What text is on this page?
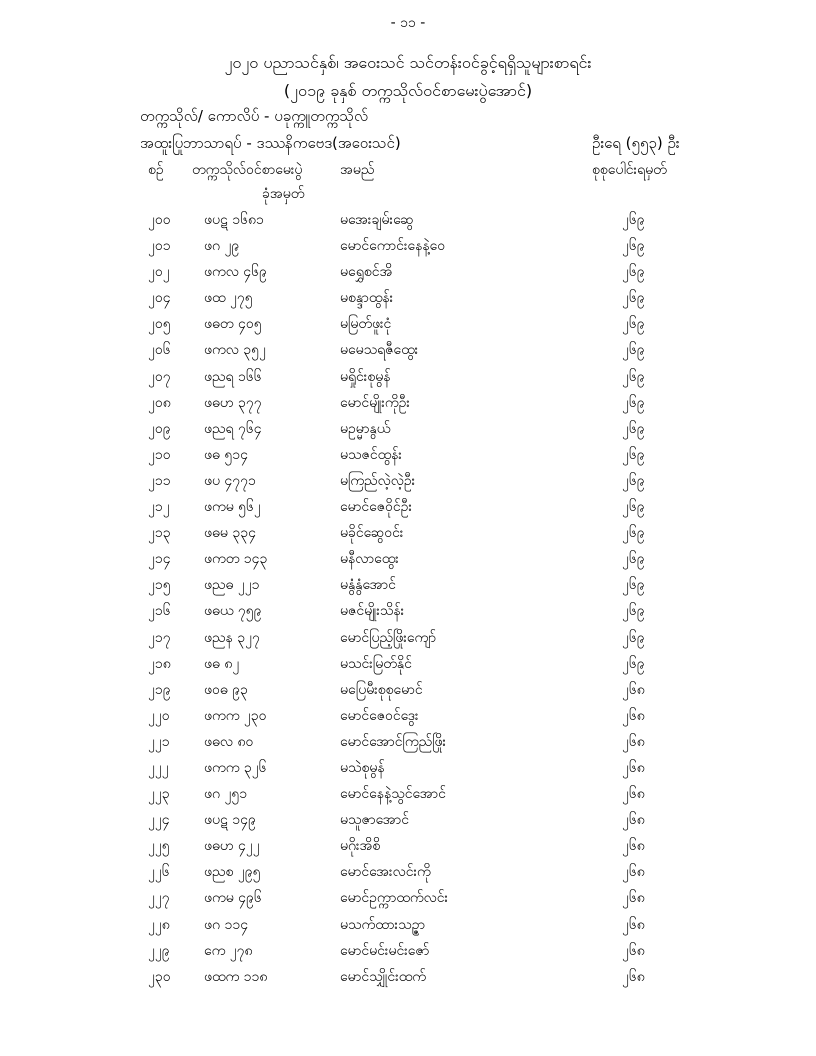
- ၁၁ -
၂၀၂၀ ပညာသင်နှစ်၊ အဝေးသင် သင်တန်းဝင်ခွင့်ရရှိသူများစာရင်း
(၂၀၁၉ ခုနှစ် တက္ကသိုလ်ဝင်စာမေးပွဲအောင်)
တက္ကသိုလ်/ ကောလိပ် - ပခုက္ကူတက္ကသိုလ်
အထူးပြုဘာသာရပ် - ဒဿနိကဗေဒ(အဝေးသင်)	ဦးရေ (၅၅၃) ဦး
စဉ် တက္ကသိုလ်ဝင်စာမေးပွဲ
ခုံအမှတ်
အမည်	စုစုပေါင်းရမှတ်
၂၀၀ ဖပဋ ၁၆၈၁	မအေးချမ်းဆွေ	၂၆၉
၂၀၁ ဖဂ ၂၉	မောင်ကောင်းနေနဲ့ဝေ	၂၆၉
၂၀၂ ဖကလ ၄၆၉	မရွှေစင်အိ	၂၆၉
၂၀၄ ဖထ ၂၇၅	မစန္ဒာထွန်း	၂၆၉
၂၀၅ ဖဓတ ၄၀၅	မမြတ်ဖူးငုံ	၂၆၉
၂၀၆ ဖကလ ၃၅၂	မမေသရဇီထွေး	၂၆၉
၂၀၇ ဖညရ ၁၆၆	မရှိုင်းစုမွန်	၂၆၉
၂၀၈ ဖဓဟ ၃၇၇	မောင်မျိုးကိုဦး	၂၆၉
၂၀၉ ဖညရ ၇၆၄	မဥမ္မာနွယ်	၂၆၉
၂၁၀ ဖဓ ၅၁၄	မသဇင်ထွန်း	၂၆၉
၂၁၁ ဖပ ၄၇၇၁	မကြည်လဲ့လဲ့ဦး	၂၆၉
၂၁၂ ဖကမ ၅၆၂	မောင်ဇေဝိုင်ဦး	၂၆၉
၂၁၃ ဖဓမ ၃၃၄	မခိုင်ဆွေဝင်း	၂၆၉
၂၁၄ ဖကတ ၁၄၃	မနီလာထွေး	၂၆၉
၂၁၅ ဖညဓ ၂၂၁	မနွံနွံအောင်	၂၆၉
၂၁၆ ဖဓယ ၇၅၉	မဇင်မျိုးသိန်း	၂၆၉
၂၁၇ ဖညန ၃၂၇	မောင်ပြည့်ဖြိုးကျော်	၂၆၉
၂၁၈ ဖဓ ၈၂	မသင်းမြတ်နိုင်	၂၆၉
၂၁၉ ဖဝဓ ၉၃	မပြေမီးစုစုမောင်	၂၆၈
၂၂၀ ဖကက ၂၃၀	မောင်ဇေဝင်ဒွေး	၂၆၈
၂၂၁ ဖဓလ ၈၀	မောင်အောင်ကြည်ဖြိုး	၂၆၈
၂၂၂	ဖကက ၃၂၆	မသဲစုမွန်	၂၆၈
၂၂၃ ဖဂ ၂၅၁	မောင်နေနဲ့သွင်အောင်	၂၆၈
၂၂၄ ဖပဋ ၁၄၉	မသူဇာအောင်	၂၆၈
၂၂၅ ဖဓဟ ၄၂၂	မဂိုးအိစိ	၂၆၈
၂၂၆ ဖညစ ၂၉၅	မောင်အေးလင်းကို	၂၆၈
၂၂၇ ဖကမ ၄၉၆	မောင်ဥက္ကာထက်လင်း	၂၆၈
၂၂၈ ဖဂ ၁၁၄	မသက်ထားသဉ္ဇာ	၂၆၈
၂၂၉ ကေ ၂၇၈	မောင်မင်းမင်းဇော်	၂၆၈
၂၃၀ ဖထက ၁၁၈	မောင်သျှိုင်းထက်	၂၆၈
